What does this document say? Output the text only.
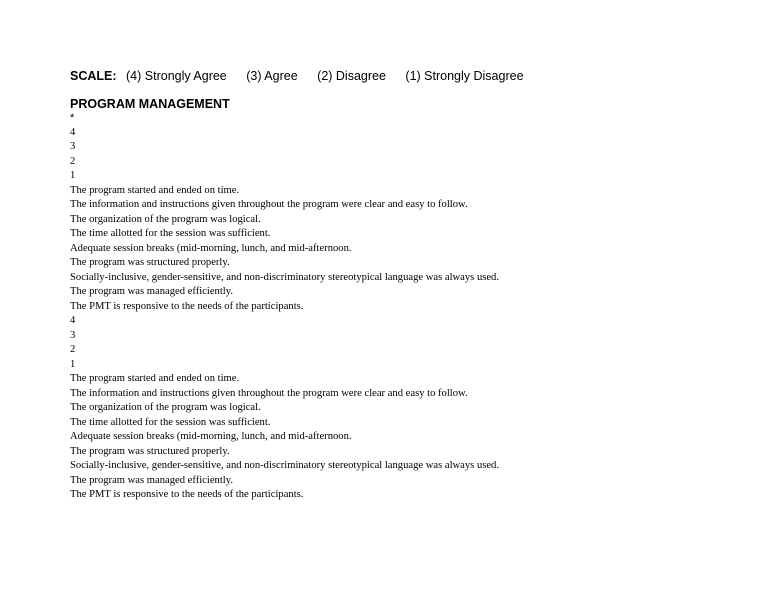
SCALE: (4) Strongly Agree (3) Agree (2) Disagree (1) Strongly Disagree
PROGRAM MANAGEMENT
*
4
3
2
1
The program started and ended on time.
The information and instructions given throughout the program were clear and easy to follow.
The organization of the program was logical.
The time allotted for the session was sufficient.
Adequate session breaks (mid-morning, lunch, and mid-afternoon.
The program was structured properly.
Socially-inclusive, gender-sensitive, and non-discriminatory stereotypical language was always used.
The program was managed efficiently.
The PMT is responsive to the needs of the participants.
4
3
2
1
The program started and ended on time.
The information and instructions given throughout the program were clear and easy to follow.
The organization of the program was logical.
The time allotted for the session was sufficient.
Adequate session breaks (mid-morning, lunch, and mid-afternoon.
The program was structured properly.
Socially-inclusive, gender-sensitive, and non-discriminatory stereotypical language was always used.
The program was managed efficiently.
The PMT is responsive to the needs of the participants.
